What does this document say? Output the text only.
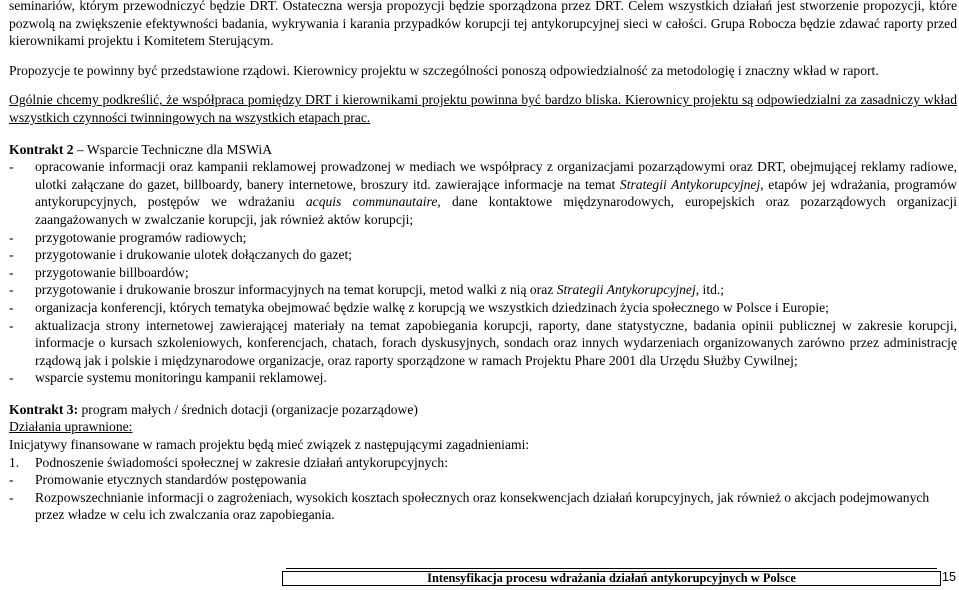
seminariów, którym przewodniczyć będzie DRT. Ostateczna wersja propozycji będzie sporządzona przez DRT. Celem wszystkich działań jest stworzenie propozycji, które pozwolą na zwiększenie efektywności badania, wykrywania i karania przypadków korupcji tej antykorupcyjnej sieci w całości. Grupa Robocza będzie zdawać raporty przed kierownikami projektu i Komitetem Sterującym.

Propozycje te powinny być przedstawione rządowi. Kierownicy projektu w szczególności ponoszą odpowiedzialność za metodologię i znaczny wkład w raport.

Ogólnie chcemy podkreślić, że współpraca pomiędzy DRT i kierownikami projektu powinna być bardzo bliska. Kierownicy projektu są odpowiedzialni za zasadniczy wkład wszystkich czynności twinningowych na wszystkich etapach prac.

Kontrakt 2 – Wsparcie Techniczne dla MSWiA

- opracowanie informacji oraz kampanii reklamowej prowadzonej w mediach we współpracy z organizacjami pozarządowymi oraz DRT, obejmującej reklamy radiowe, ulotki załączane do gazet, billboardy, banery internetowe, broszury itd. zawierające informacje na temat Strategii Antykorupcyjnej, etapów jej wdrażania, programów antykorupcyjnych, postępów we wdrażaniu acquis communautaire, dane kontaktowe międzynarodowych, europejskich oraz pozarządowych organizacji zaangażowanych w zwalczanie korupcji, jak również aktów korupcji;
- przygotowanie programów radiowych;
- przygotowanie i drukowanie ulotek dołączanych do gazet;
- przygotowanie billboardów;
- przygotowanie i drukowanie broszur informacyjnych na temat korupcji, metod walki z nią oraz Strategii Antykorupcyjnej, itd.;
- organizacja konferencji, których tematyka obejmować będzie walkę z korupcją we wszystkich dziedzinach życia społecznego w Polsce i Europie;
- aktualizacja strony internetowej zawierającej materiały na temat zapobiegania korupcji, raporty, dane statystyczne, badania opinii publicznej w zakresie korupcji, informacje o kursach szkoleniowych, konferencjach, chatach, forach dyskusyjnych, sondach oraz innych wydarzeniach organizowanych zarówno przez administrację rządową jak i polskie i międzynarodowe organizacje, oraz raporty sporządzone w ramach Projektu Phare 2001 dla Urzędu Służby Cywilnej;
- wsparcie systemu monitoringu kampanii reklamowej.

Kontrakt 3: program małych / średnich dotacji (organizacje pozarządowe)

Działania uprawnione:

Inicjatywy finansowane w ramach projektu będą mieć związek z następującymi zagadnieniami:

1. Podnoszenie świadomości społecznej w zakresie działań antykorupcyjnych:

- Promowanie etycznych standardów postępowania
- Rozpowszechnianie informacji o zagrożeniach, wysokich kosztach społecznych oraz konsekwencjach działań korupcyjnych, jak również o akcjach podejmowanych przez władze w celu ich zwalczania oraz zapobiegania.
Intensyfikacja procesu wdrażania działań antykorupcyjnych w Polsce	15
